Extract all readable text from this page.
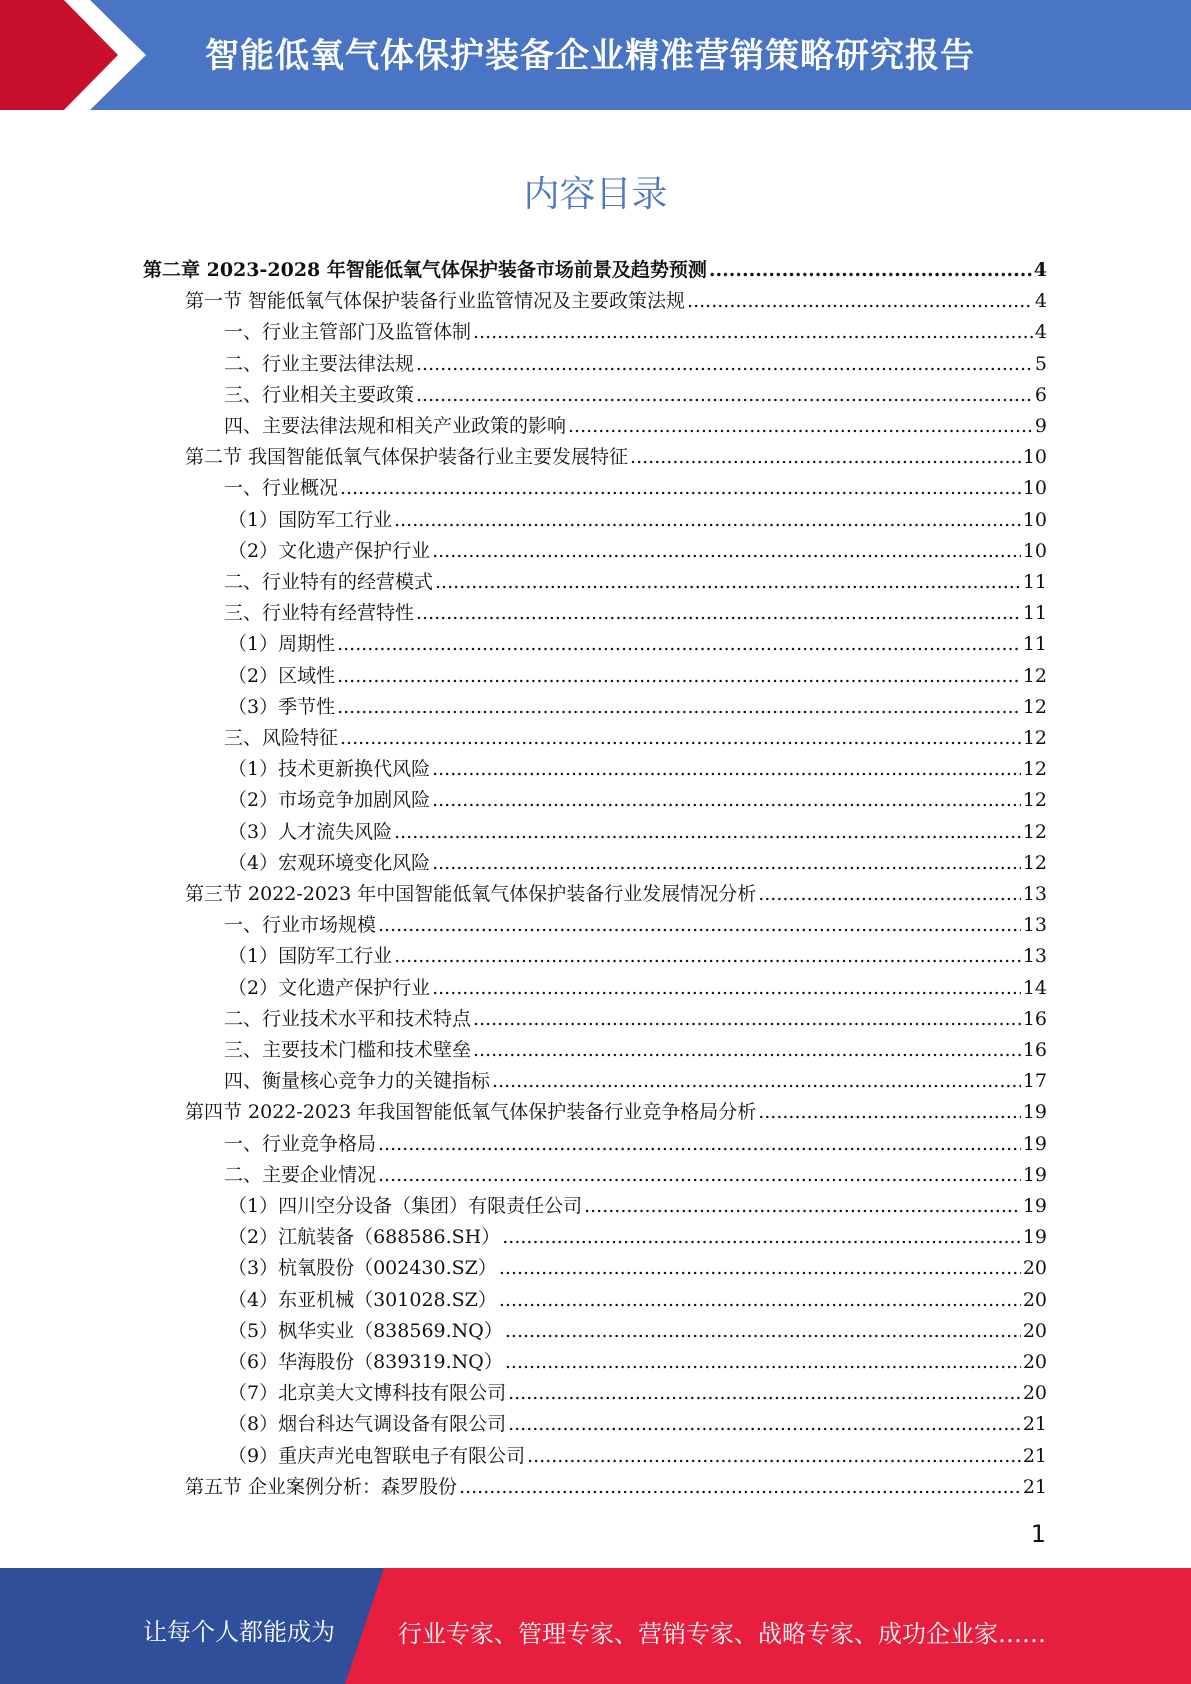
智能低氧气体保护装备企业精准营销策略研究报告
内容目录
第二章 2023-2028 年智能低氧气体保护装备市场前景及趋势预测 .....	4
第一节 智能低氧气体保护装备行业监管情况及主要政策法规 .....	4
一、行业主管部门及监管体制 .....	4
二、行业主要法律法规 .....	5
三、行业相关主要政策 .....	6
四、主要法律法规和相关产业政策的影响 .....	9
第二节 我国智能低氧气体保护装备行业主要发展特征 .....	10
一、行业概况 .....	10
（1）国防军工行业 .....	10
（2）文化遗产保护行业 .....	10
二、行业特有的经营模式 .....	11
三、行业特有经营特性 .....	11
（1）周期性 .....	11
（2）区域性 .....	12
（3）季节性 .....	12
三、风险特征 .....	12
（1）技术更新换代风险 .....	12
（2）市场竞争加剧风险 .....	12
（3）人才流失风险 .....	12
（4）宏观环境变化风险 .....	12
第三节 2022-2023 年中国智能低氧气体保护装备行业发展情况分析 .....	13
一、行业市场规模 .....	13
（1）国防军工行业 .....	13
（2）文化遗产保护行业 .....	14
二、行业技术水平和技术特点 .....	16
三、主要技术门槛和技术壁垒 .....	16
四、衡量核心竞争力的关键指标 .....	17
第四节 2022-2023 年我国智能低氧气体保护装备行业竞争格局分析 .....	19
一、行业竞争格局 .....	19
二、主要企业情况 .....	19
（1）四川空分设备（集团）有限责任公司 .....	19
（2）江航装备（688586.SH） .....	19
（3）杭氧股份（002430.SZ） .....	20
（4）东亚机械（301028.SZ） .....	20
（5）枫华实业（838569.NQ） .....	20
（6）华海股份（839319.NQ） .....	20
（7）北京美大文博科技有限公司 .....	20
（8）烟台科达气调设备有限公司 .....	21
（9）重庆声光电智联电子有限公司 .....	21
第五节 企业案例分析：森罗股份 .....	21
1
让每个人都能成为	行业专家、管理专家、营销专家、战略专家、成功企业家……
